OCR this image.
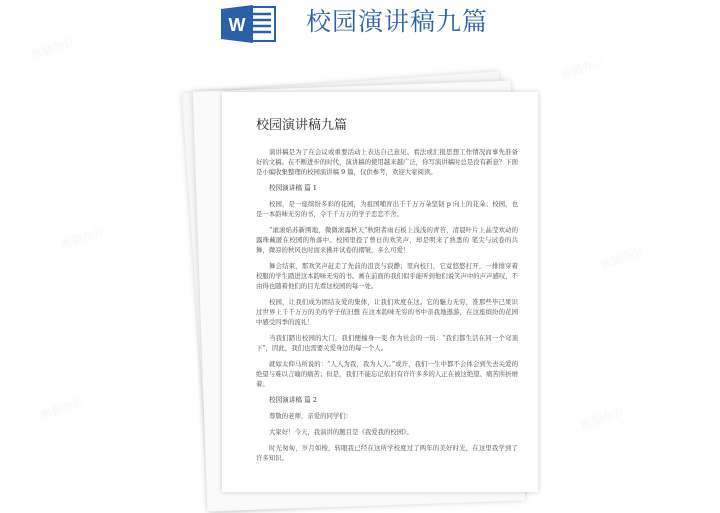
熊猫办公
熊猫办公
熊猫办公
熊猫办公
熊猫办公	熊猫办公
W 校园演讲稿九篇
校园演讲稿九篇
演讲稿是为了在会议或重要活动上表达自己意见、看法或汇报思想工作情况而事先准备好的文稿。在不断进步的时代，演讲稿的使用越来越广泛，你写演讲稿时总是没有新意？下面是小编收集整理的校园演讲稿 9 篇，仅供参考，欢迎大家阅读。
校园演讲稿 篇 1
校园，是一座缤纷多彩的花园，为祖国哺育出千千万万朵坚韧 p 向上的花朵；校园，也是一本韵味无穷的书，令千千万万的学子恋恋不舍。
“滚滚焰苏新围地，微微滚露秋天”秋阳者雨石板上浅浅的青苔，清晨叶片上晶莹欢动的露珠藏匿在校园的角落中。校园里投了曾日的欢笑声，却是明来了熟悉的 笔尖与试卷的共舞，微凉的秋风也时而来拂并试卷的褶皱，多么可爱！
舞会结束，那欢笑声赶走了先前的沮丧与寂静；里向校门，它竟悠悠打开，一排排穿着校服的学生踏进这本韵味无穷的书。画在前面的我们似乎能听到他们说笑声中的声声感叹，不由得也随着他们的目光看这校园的每一处。
校园，让我们成为团结友爱的集体，让我们欢度在这。它的魅力无穷，准那些毕己果识过世界上千千万万的美的学子依旧想 在这本韵味无穷的书中亲我地遨游，在这座缤纷的花园中感受四季的流礼！
当我们踏出校园的大门，我们便撞身一变 作为社会的一员：“我们都生活在同一个穹顶下”，因此，我们也需要关爱身边的每一个人。
就如太仰马所说的：“人人为我，我为人人。”或许，我们一生中都不会体会到失去关爱的绝望与难以言喻的痛苦；但是，我们不能忘记依旧有许许多多的人正在被这绝望、痛苦所折磨着。
校园演讲稿 篇 2
尊敬的老师，亲爱的同学们：
大家好！今天，我演讲的题目是《我爱我的校园》。
时光匆匆，岁月如梭，转眼我已经在这所学校度过了两年的美好时光，在这里我学到了许多知识。
